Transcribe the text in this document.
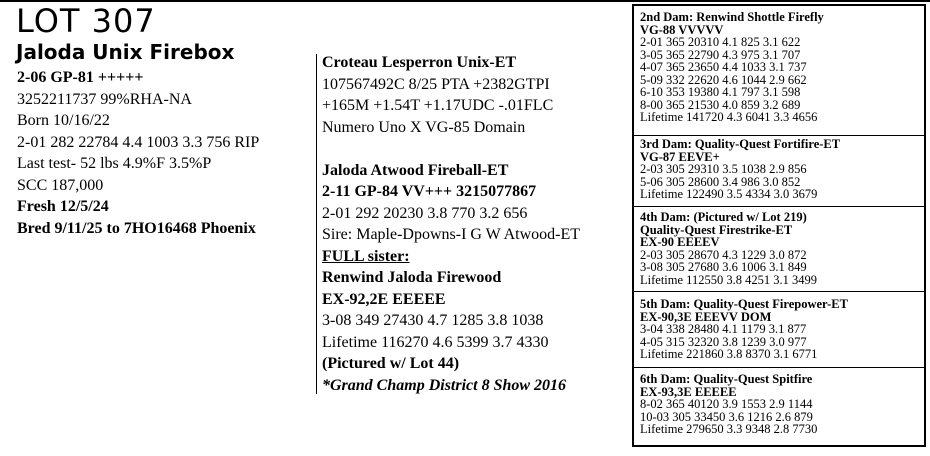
LOT 307
Jaloda Unix Firebox
2-06 GP-81 +++++
3252211737 99%RHA-NA
Born 10/16/22
2-01 282 22784 4.4 1003 3.3 756 RIP
Last test- 52 lbs 4.9%F 3.5%P
SCC 187,000
Fresh 12/5/24
Bred 9/11/25 to 7HO16468 Phoenix
Croteau Lesperron Unix-ET
107567492C 8/25 PTA +2382GTPI
+165M +1.54T +1.17UDC -.01FLC
Numero Uno X VG-85 Domain
Jaloda Atwood Fireball-ET
2-11 GP-84 VV+++ 3215077867
2-01 292 20230 3.8 770 3.2 656
Sire: Maple-Dpowns-I G W Atwood-ET
FULL sister:
Renwind Jaloda Firewood
EX-92,2E EEEEE
3-08 349 27430 4.7 1285 3.8 1038
Lifetime 116270 4.6 5399 3.7 4330
(Pictured w/ Lot 44)
*Grand Champ District 8 Show 2016
2nd Dam: Renwind Shottle Firefly
VG-88 VVVVV
2-01 365 20310 4.1 825 3.1 622
3-05 365 22790 4.3 975 3.1 707
4-07 365 23650 4.4 1033 3.1 737
5-09 332 22620 4.6 1044 2.9 662
6-10 353 19380 4.1 797 3.1 598
8-00 365 21530 4.0 859 3.2 689
Lifetime 141720 4.3 6041 3.3 4656
3rd Dam: Quality-Quest Fortifire-ET
VG-87 EEVE+
2-03 305 29310 3.5 1038 2.9 856
5-06 305 28600 3.4 986 3.0 852
Lifetime 122490 3.5 4334 3.0 3679
4th Dam: (Pictured w/ Lot 219)
Quality-Quest Firestrike-ET
EX-90 EEEEV
2-03 305 28670 4.3 1229 3.0 872
3-08 305 27680 3.6 1006 3.1 849
Lifetime 112550 3.8 4251 3.1 3499
5th Dam: Quality-Quest Firepower-ET
EX-90,3E EEEVV DOM
3-04 338 28480 4.1 1179 3.1 877
4-05 315 32320 3.8 1239 3.0 977
Lifetime 221860 3.8 8370 3.1 6771
6th Dam: Quality-Quest Spitfire
EX-93,3E EEEEE
8-02 365 40120 3.9 1553 2.9 1144
10-03 305 33450 3.6 1216 2.6 879
Lifetime 279650 3.3 9348 2.8 7730
